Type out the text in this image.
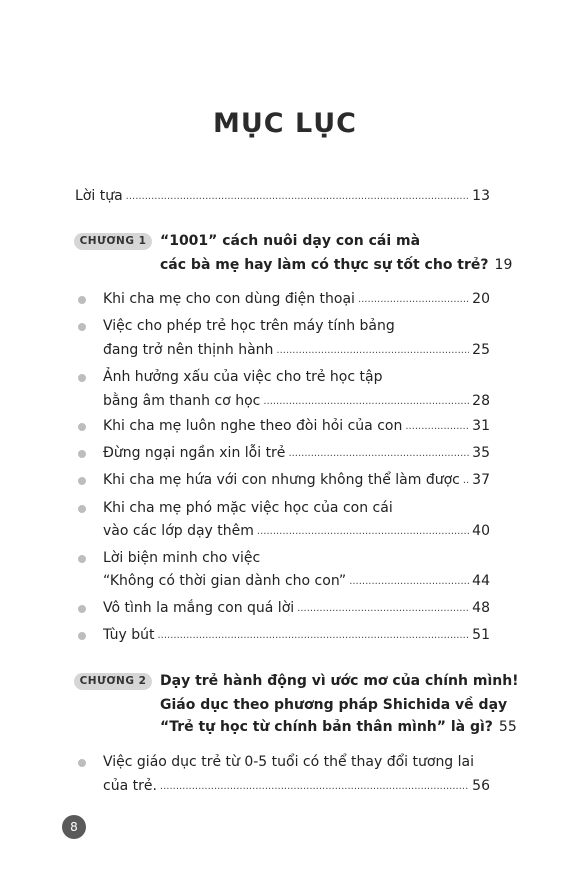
MỤC LỤC
Lời tựa .....	13
CHƯƠNG 1 “1001” cách nuôi dạy con cái mà
các bà mẹ hay làm có thực sự tốt cho trẻ? 19
Khi cha mẹ cho con dùng điện thoại .....	20
Việc cho phép trẻ học trên máy tính bảng
đang trở nên thịnh hành .....	25
Ảnh hưởng xấu của việc cho trẻ học tập
bằng âm thanh cơ học .....	28
Khi cha mẹ luôn nghe theo đòi hỏi của con .....	31
Đừng ngại ngần xin lỗi trẻ .....	35
Khi cha mẹ hứa với con nhưng không thể làm được ..... 37
Khi cha mẹ phó mặc việc học của con cái
vào các lớp dạy thêm .....	40
Lời biện minh cho việc
“Không có thời gian dành cho con” .....	44
Vô tình la mắng con quá lời .....	48
Tùy bút .....	51
CHƯƠNG 2 Dạy trẻ hành động vì ước mơ của chính mình!
Giáo dục theo phương pháp Shichida về dạy
“Trẻ tự học từ chính bản thân mình” là gì? 55
Việc giáo dục trẻ từ 0-5 tuổi có thể thay đổi tương lai
của trẻ. .....	56
8
